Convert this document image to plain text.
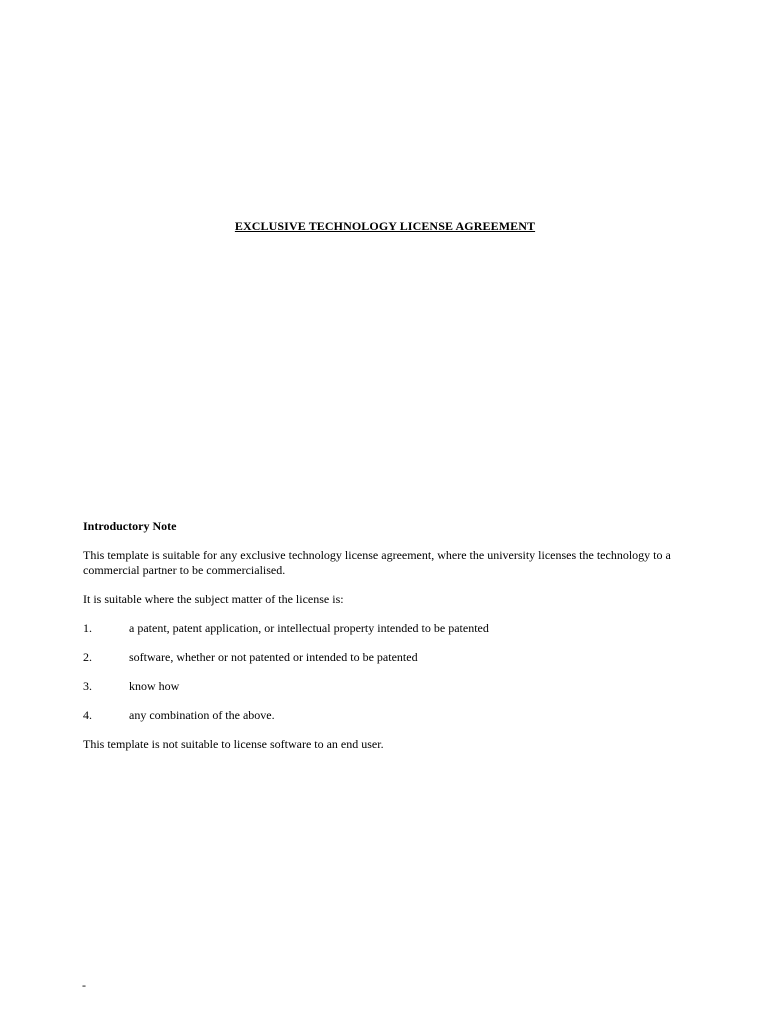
EXCLUSIVE TECHNOLOGY LICENSE AGREEMENT
Introductory Note
This template is suitable for any exclusive technology license agreement, where the university licenses the technology to a commercial partner to be commercialised.
It is suitable where the subject matter of the license is:
1.	a patent, patent application, or intellectual property intended to be patented
2.	software, whether or not patented or intended to be patented
3.	know how
4.	any combination of the above.
This template is not suitable to license software to an end user.
-
